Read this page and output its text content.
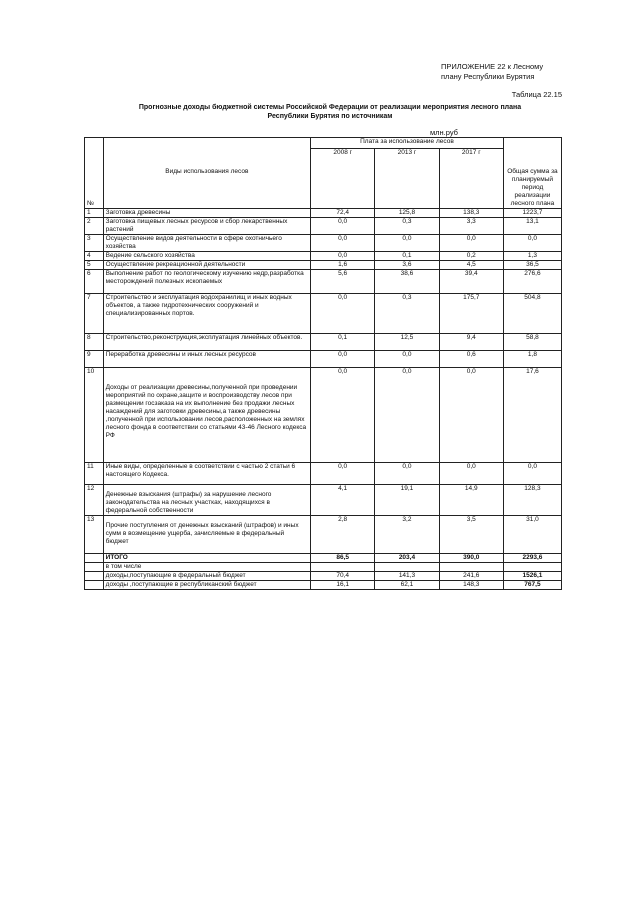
ПРИЛОЖЕНИЕ 22 к Лесному
плану Республики Бурятия
Таблица 22.15
Прогнозные доходы бюджетной системы Российской Федерации от реализации мероприятия лесного плана
Республики Бурятия по источникам
млн.руб
№	Виды использования лесов	Плата за использование лесов			Общая сумма за планируемый период реализации лесного плана
		2008 г	2013 г	2017 г	
1	Заготовка древесины	72,4	125,8	138,3	1223,7
2	Заготовка пищевых лесных ресурсов и сбор лекарственных растений	0,0	0,3	3,3	13,1
3	Осуществление видов деятельности в сфере охотничьего хозяйства	0,0	0,0	0,0	0,0
4	Ведение сельского хозяйства	0,0	0,1	0,2	1,3
5	Осуществление рекреационной деятельности	1,6	3,6	4,5	36,5
6	Выполнение работ по геологическому изучению недр,разработка месторождений полезных ископаемых	5,6	38,6	39,4	276,6
7	Строительство и эксплуатация водохранилищ и иных водных объектов, а также гидротехнических сооружений и специализированных портов.	0,0	0,3	175,7	504,8
8	Строительство,реконструкция,эксплуатация линейных объектов.	0,1	12,5	9,4	58,8
9	Переработка древесины и иных лесных ресурсов	0,0	0,0	0,6	1,8
10	Доходы от реализации древесины,полученной при проведении мероприятий по охране,защите и воспроизводству лесов при размещении госзаказа на их выполнение без продажи лесных насаждений для заготовки древесины,а также древесины ,полученной при использовании лесов,расположенных на землях лесного фонда в соответствии со статьями 43-46 Лесного кодекса РФ	0,0	0,0	0,0	17,6
11	Иные виды, определенные в соответствии с частью 2 статьи 6 настоящего Кодекса.	0,0	0,0	0,0	0,0
12	Денежные взыскания (штрафы) за нарушение лесного законодательства на лесных участках, находящихся в федеральной собственности	4,1	19,1	14,9	128,3
13	Прочие поступления от денежных взысканий (штрафов) и иных сумм в возмещение ущерба, зачисляемые в федеральный бюджет	2,8	3,2	3,5	31,0
	ИТОГО	86,5	203,4	390,0	2293,6
	в том числе				
	доходы,поступающие в федеральный бюджет	70,4	141,3	241,6	1526,1
	доходы ,поступающие в республиканский бюджет	16,1	62,1	148,3	767,5
